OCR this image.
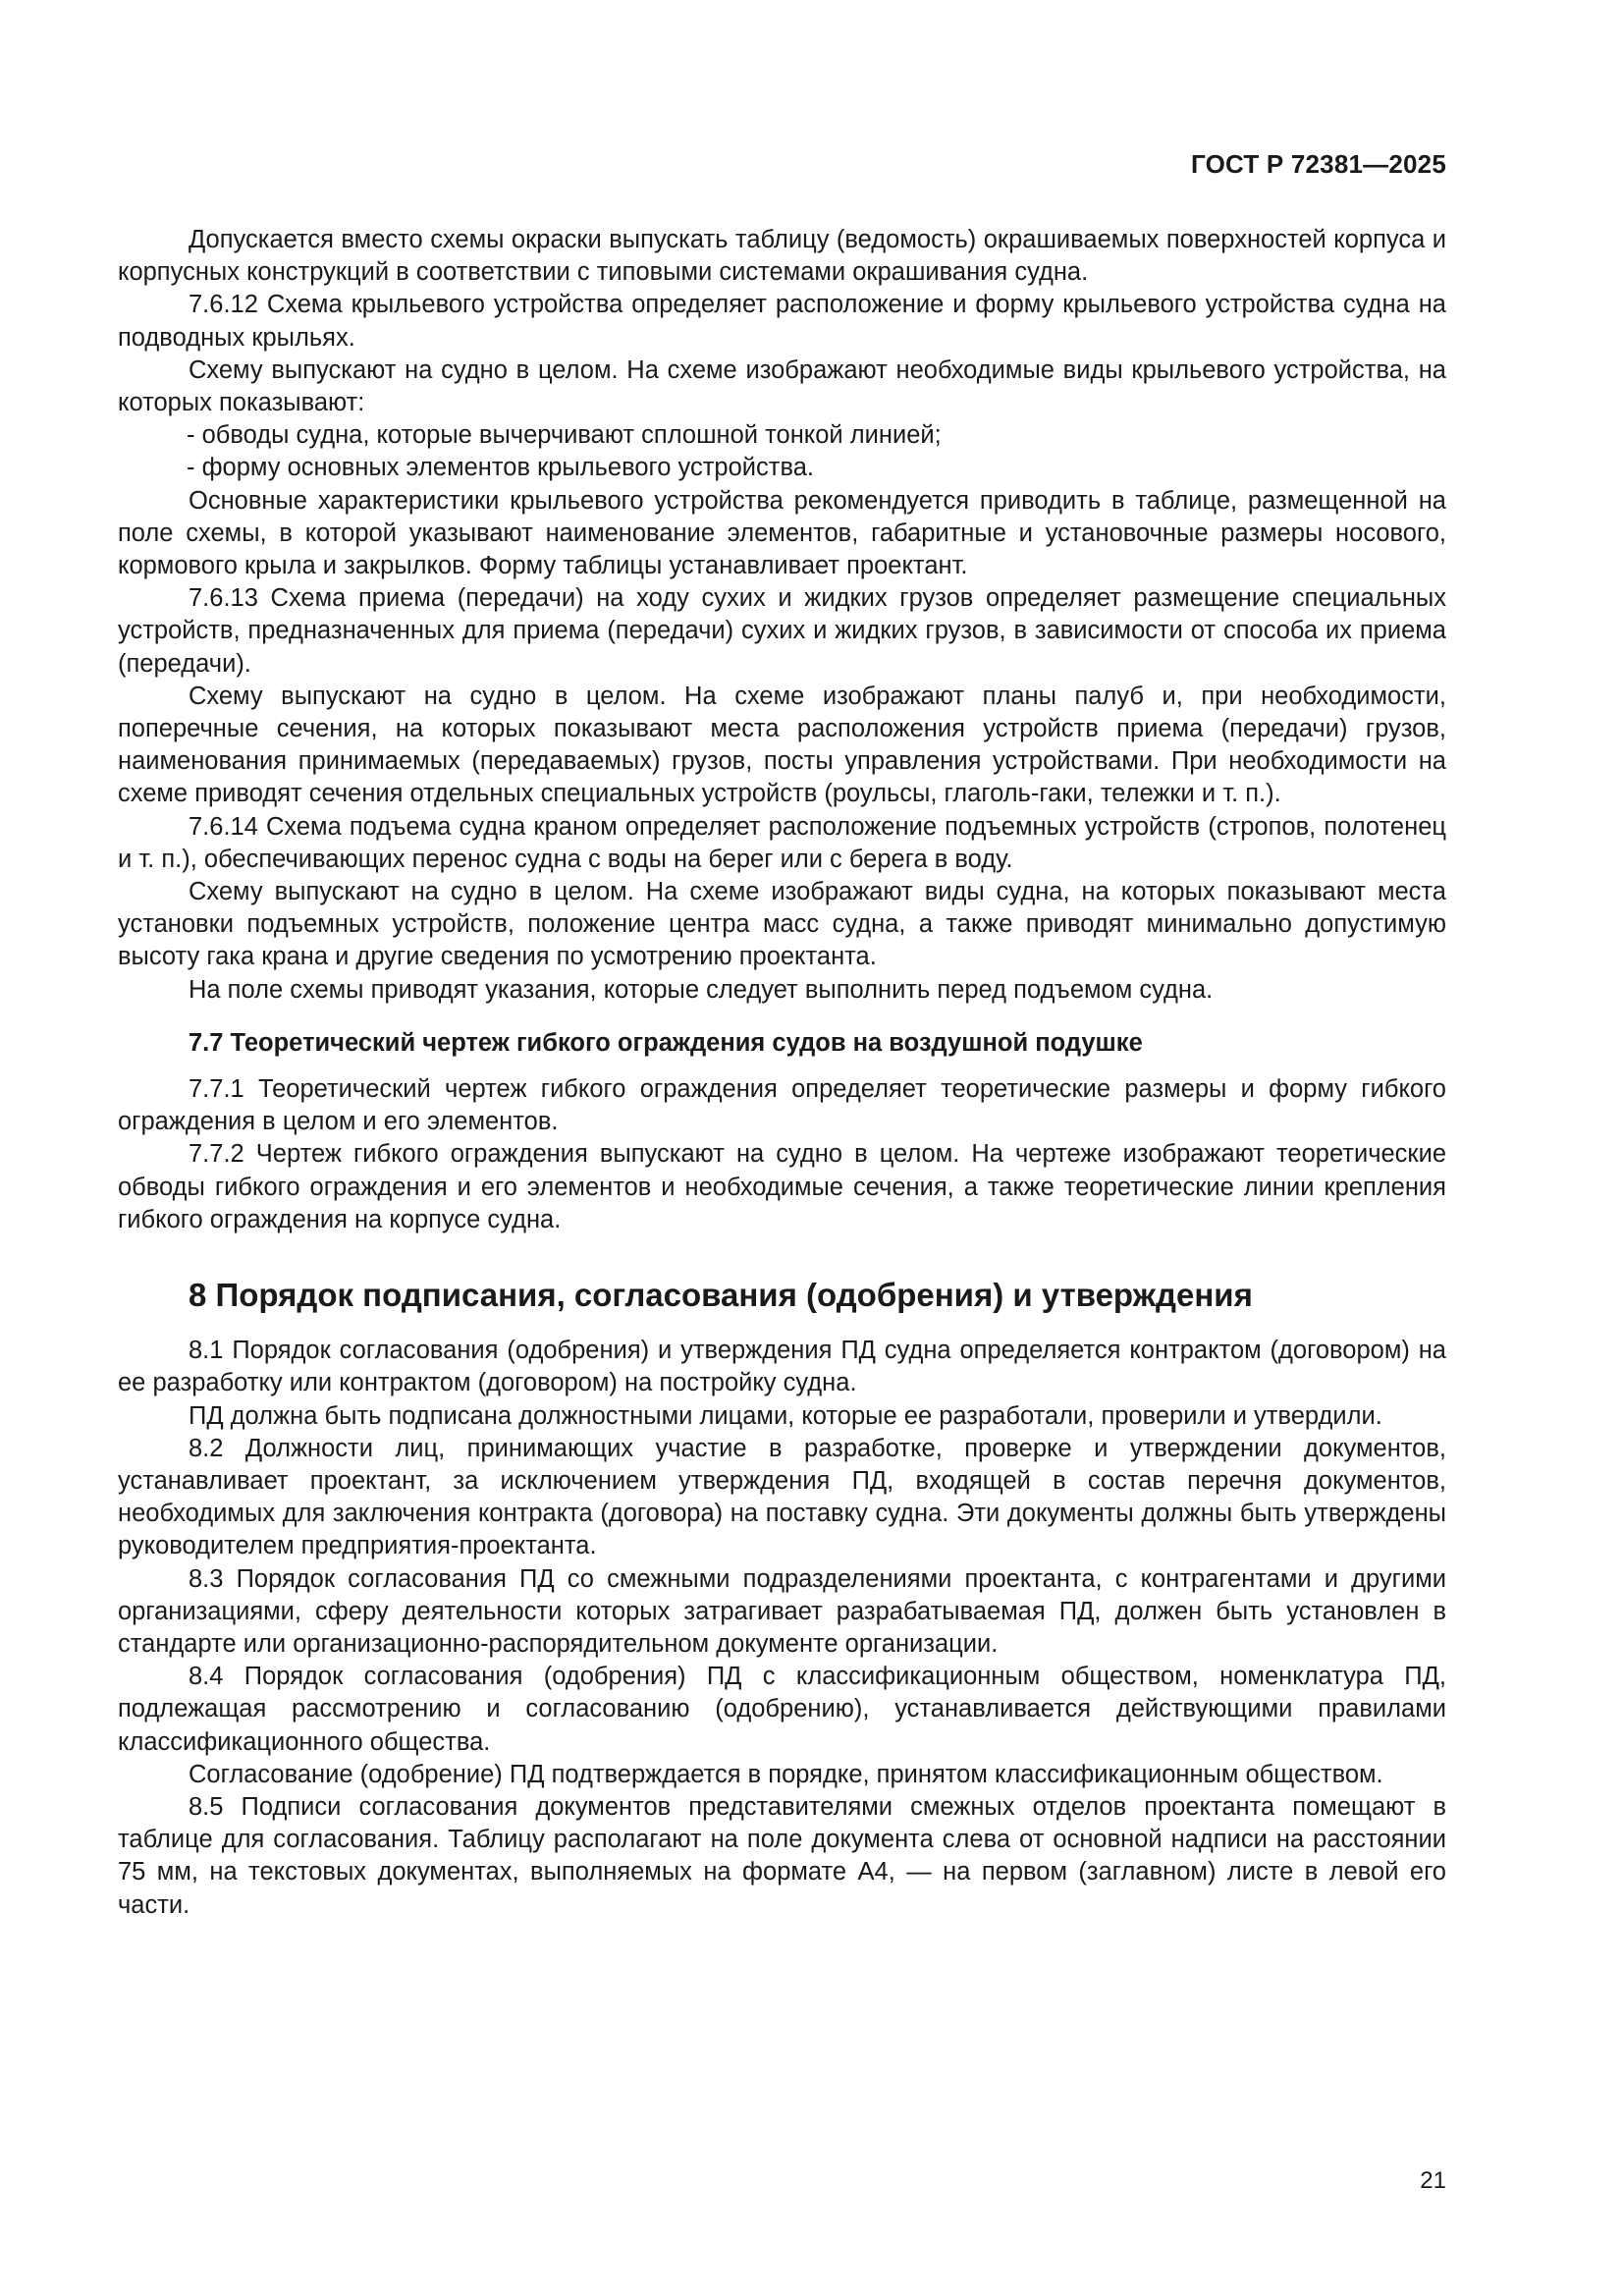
ГОСТ Р 72381—2025

Допускается вместо схемы окраски выпускать таблицу (ведомость) окрашиваемых поверхностей корпуса и корпусных конструкций в соответствии с типовыми системами окрашивания судна.

7.6.12 Схема крыльевого устройства определяет расположение и форму крыльевого устройства судна на подводных крыльях.

Схему выпускают на судно в целом. На схеме изображают необходимые виды крыльевого устройства, на которых показывают:

- обводы судна, которые вычерчивают сплошной тонкой линией;

- форму основных элементов крыльевого устройства.

Основные характеристики крыльевого устройства рекомендуется приводить в таблице, размещенной на поле схемы, в которой указывают наименование элементов, габаритные и установочные размеры носового, кормового крыла и закрылков. Форму таблицы устанавливает проектант.

7.6.13 Схема приема (передачи) на ходу сухих и жидких грузов определяет размещение специальных устройств, предназначенных для приема (передачи) сухих и жидких грузов, в зависимости от способа их приема (передачи).

Схему выпускают на судно в целом. На схеме изображают планы палуб и, при необходимости, поперечные сечения, на которых показывают места расположения устройств приема (передачи) грузов, наименования принимаемых (передаваемых) грузов, посты управления устройствами. При необходимости на схеме приводят сечения отдельных специальных устройств (роульсы, глаголь-гаки, тележки и т. п.).

7.6.14 Схема подъема судна краном определяет расположение подъемных устройств (стропов, полотенец и т. п.), обеспечивающих перенос судна с воды на берег или с берега в воду.

Схему выпускают на судно в целом. На схеме изображают виды судна, на которых показывают места установки подъемных устройств, положение центра масс судна, а также приводят минимально допустимую высоту гака крана и другие сведения по усмотрению проектанта.

На поле схемы приводят указания, которые следует выполнить перед подъемом судна.

7.7 Теоретический чертеж гибкого ограждения судов на воздушной подушке

7.7.1 Теоретический чертеж гибкого ограждения определяет теоретические размеры и форму гибкого ограждения в целом и его элементов.

7.7.2 Чертеж гибкого ограждения выпускают на судно в целом. На чертеже изображают теоретические обводы гибкого ограждения и его элементов и необходимые сечения, а также теоретические линии крепления гибкого ограждения на корпусе судна.

8 Порядок подписания, согласования (одобрения) и утверждения

8.1 Порядок согласования (одобрения) и утверждения ПД судна определяется контрактом (договором) на ее разработку или контрактом (договором) на постройку судна.

ПД должна быть подписана должностными лицами, которые ее разработали, проверили и утвердили.

8.2 Должности лиц, принимающих участие в разработке, проверке и утверждении документов, устанавливает проектант, за исключением утверждения ПД, входящей в состав перечня документов, необходимых для заключения контракта (договора) на поставку судна. Эти документы должны быть утверждены руководителем предприятия-проектанта.

8.3 Порядок согласования ПД со смежными подразделениями проектанта, с контрагентами и другими организациями, сферу деятельности которых затрагивает разрабатываемая ПД, должен быть установлен в стандарте или организационно-распорядительном документе организации.

8.4 Порядок согласования (одобрения) ПД с классификационным обществом, номенклатура ПД, подлежащая рассмотрению и согласованию (одобрению), устанавливается действующими правилами классификационного общества.

Согласование (одобрение) ПД подтверждается в порядке, принятом классификационным обществом.

8.5 Подписи согласования документов представителями смежных отделов проектанта помещают в таблице для согласования. Таблицу располагают на поле документа слева от основной надписи на расстоянии 75 мм, на текстовых документах, выполняемых на формате А4, — на первом (заглавном) листе в левой его части.

21
